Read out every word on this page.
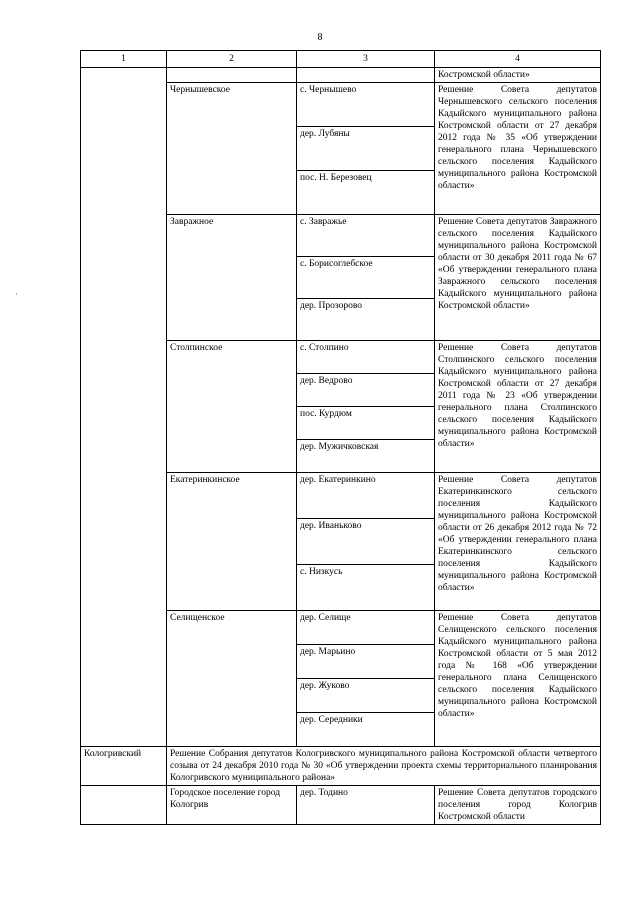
8
1	2	3	4
			Костромской области»
	Чернышевское	с. Чернышево	Решение Совета депутатов Чернышевского сельского поселения Кадыйского муниципального района Костромской области от 27 декабря 2012 года № 35 «Об утверждении генерального плана Чернышевского сельского поселения Кадыйского муниципального района Костромской области»
		дер. Лубяны	
		пос. Н. Березовец	
	Завражное	с. Завражье	Решение Совета депутатов Завражного сельского поселения Кадыйского муниципального района Костромской области от 30 декабря 2011 года № 67 «Об утверждении генерального плана Завражного сельского поселения Кадыйского муниципального района Костромской области»
		с. Борисоглебское	
		дер. Прозорово	
	Столпинское	с. Столпино	Решение Совета депутатов Столпинского сельского поселения Кадыйского муниципального района Костромской области от 27 декабря 2011 года № 23 «Об утверждении генерального плана Столпинского сельского поселения Кадыйского муниципального района Костромской области»
		дер. Ведрово	
		пос. Курдюм	
		дер. Мужичковская	
	Екатеринкинское	дер. Екатеринкино	Решение Совета депутатов Екатеринкинского сельского поселения Кадыйского муниципального района Костромской области от 26 декабря 2012 года № 72 «Об утверждении генерального плана Екатеринкинского сельского поселения Кадыйского муниципального района Костромской области»
		дер. Иваньково	
		с. Низкусь	
	Селищенское	дер. Селище	Решение Совета депутатов Селищенского сельского поселения Кадыйского муниципального района Костромской области от 5 мая 2012 года № 168 «Об утверждении генерального плана Селищенского сельского поселения Кадыйского муниципального района Костромской области»
		дер. Марьино	
		дер. Жуково	
		дер. Середники	
Кологривский	Решение Собрания депутатов Кологривского муниципального района Костромской области четвертого созыва от 24 декабря 2010 года № 30 «Об утверждении проекта схемы территориального планирования Кологривского муниципального района»		
	Городское поселение город Кологрив	дер. Тодино	Решение Совета депутатов городского поселения город Кологрив Костромской области
·
